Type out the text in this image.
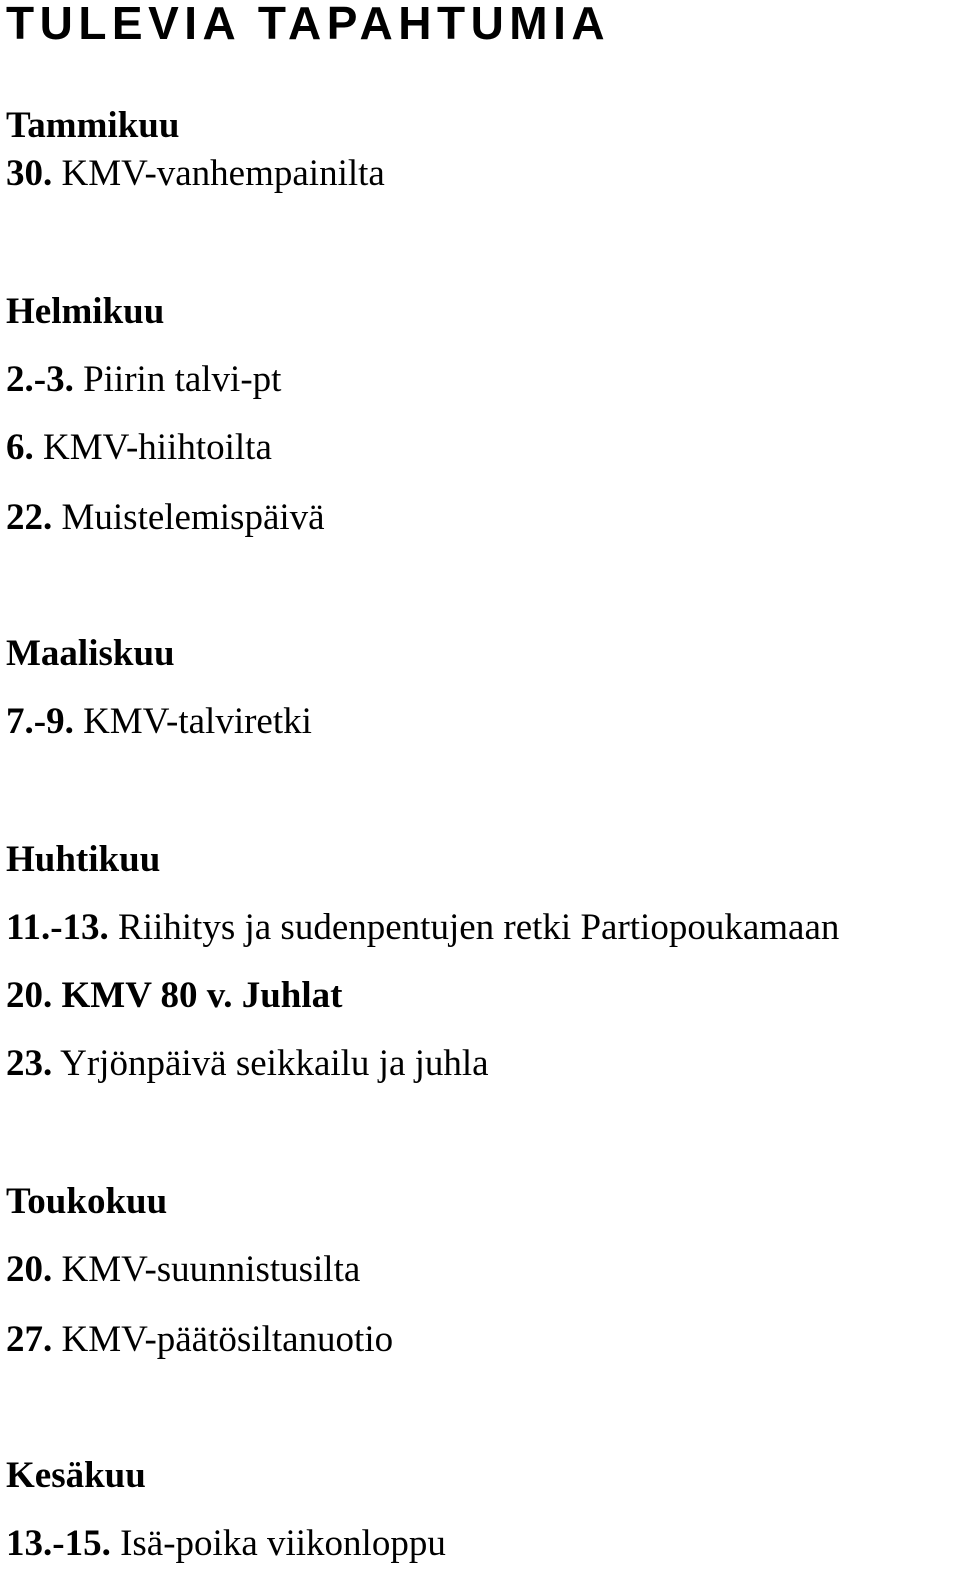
TULEVIA TAPAHTUMIA
Tammikuu
30. KMV-vanhempainilta
Helmikuu
2.-3. Piirin talvi-pt
6. KMV-hiihtoilta
22. Muistelemispäivä
Maaliskuu
7.-9. KMV-talviretki
Huhtikuu
11.-13. Riihitys ja sudenpentujen retki Partiopoukamaan
20. KMV 80 v. Juhlat
23. Yrjönpäivä seikkailu ja juhla
Toukokuu
20. KMV-suunnistusilta
27. KMV-päätösiltanuotio
Kesäkuu
13.-15. Isä-poika viikonloppu
